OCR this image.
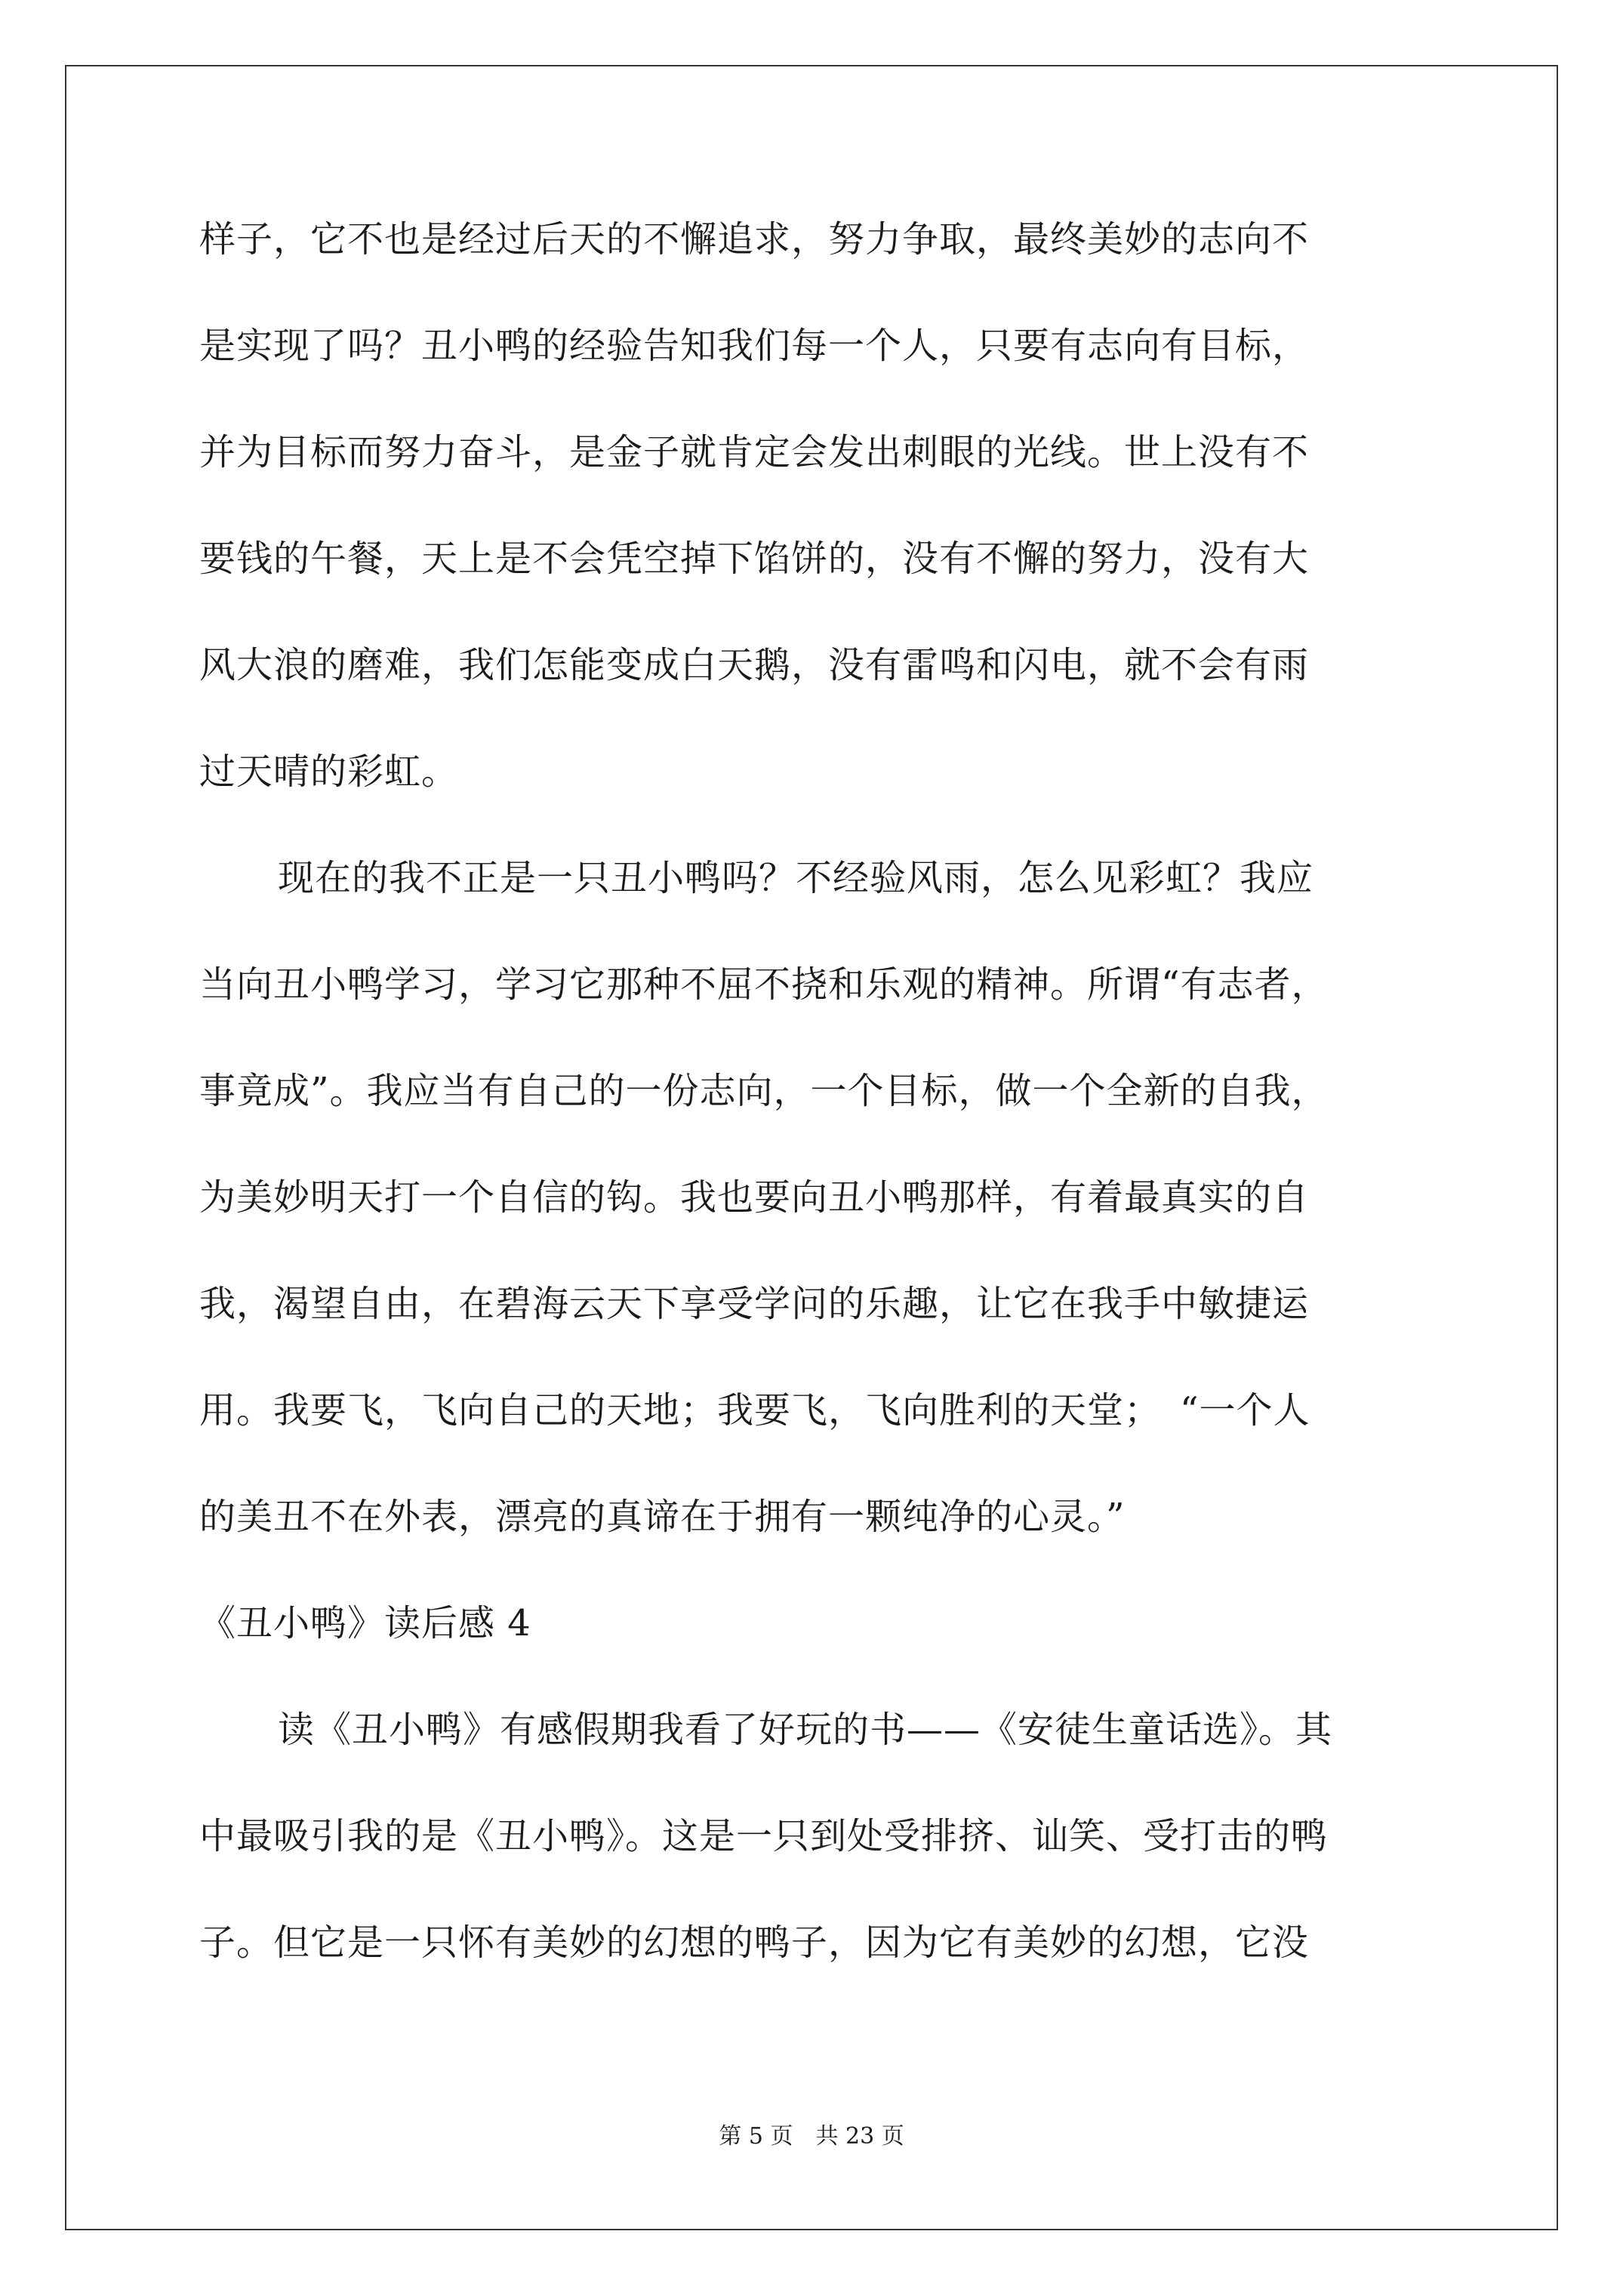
样子，它不也是经过后天的不懈追求，努力争取，最终美妙的志向不
是实现了吗？丑小鸭的经验告知我们每一个人，只要有志向有目标，
并为目标而努力奋斗，是金子就肯定会发出刺眼的光线。世上没有不
要钱的午餐，天上是不会凭空掉下馅饼的，没有不懈的努力，没有大
风大浪的磨难，我们怎能变成白天鹅，没有雷鸣和闪电，就不会有雨
过天晴的彩虹。
现在的我不正是一只丑小鸭吗？不经验风雨，怎么见彩虹？我应
当向丑小鸭学习，学习它那种不屈不挠和乐观的精神。所谓“有志者，
事竟成”。我应当有自己的一份志向，一个目标，做一个全新的自我，
为美妙明天打一个自信的钩。我也要向丑小鸭那样，有着最真实的自
我，渴望自由，在碧海云天下享受学问的乐趣，让它在我手中敏捷运
用。我要飞，飞向自己的天地；我要飞，飞向胜利的天堂；　“一个人
的美丑不在外表，漂亮的真谛在于拥有一颗纯净的心灵。”
《丑小鸭》读后感 4
读《丑小鸭》有感假期我看了好玩的书——《安徒生童话选》。其
中最吸引我的是《丑小鸭》。这是一只到处受排挤、讪笑、受打击的鸭
子。但它是一只怀有美妙的幻想的鸭子，因为它有美妙的幻想，它没
第 5 页　共 23 页
